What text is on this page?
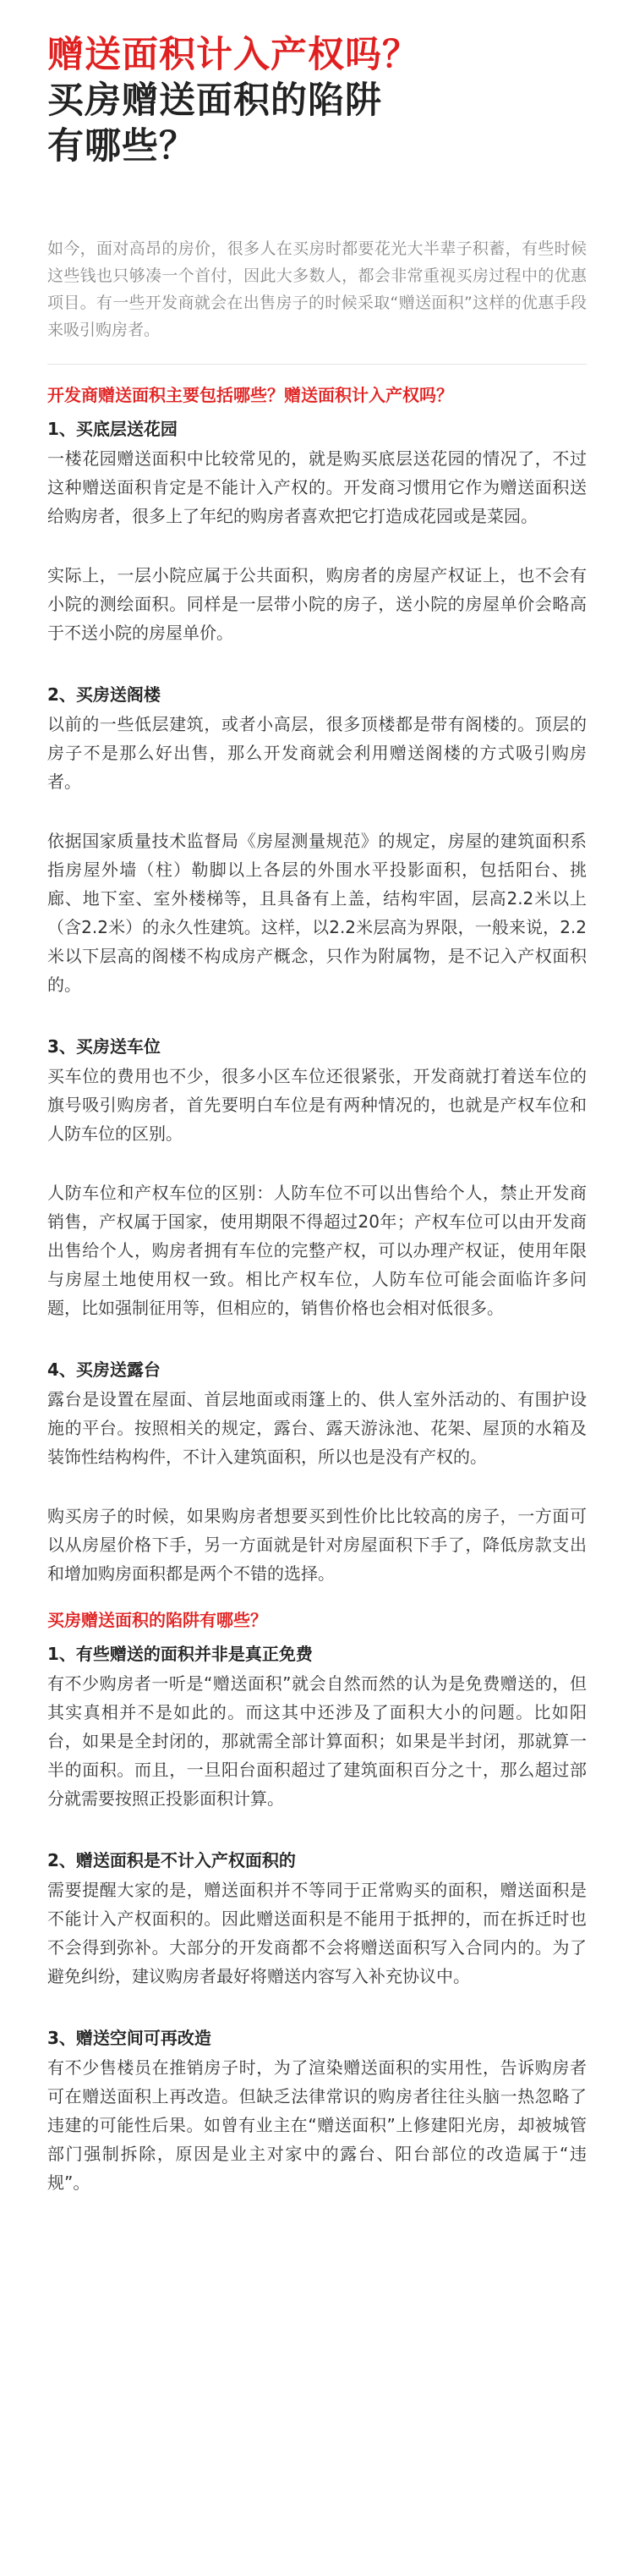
赠送面积计入产权吗？
买房赠送面积的陷阱
有哪些？
如今，面对高昂的房价，很多人在买房时都要花光大半辈子积蓄，有些时候这些钱也只够凑一个首付，因此大多数人，都会非常重视买房过程中的优惠项目。有一些开发商就会在出售房子的时候采取“赠送面积”这样的优惠手段来吸引购房者。
开发商赠送面积主要包括哪些？赠送面积计入产权吗？
1、买底层送花园
一楼花园赠送面积中比较常见的，就是购买底层送花园的情况了，不过这种赠送面积肯定是不能计入产权的。开发商习惯用它作为赠送面积送给购房者，很多上了年纪的购房者喜欢把它打造成花园或是菜园。
实际上，一层小院应属于公共面积，购房者的房屋产权证上，也不会有小院的测绘面积。同样是一层带小院的房子，送小院的房屋单价会略高于不送小院的房屋单价。
2、买房送阁楼
以前的一些低层建筑，或者小高层，很多顶楼都是带有阁楼的。顶层的房子不是那么好出售，那么开发商就会利用赠送阁楼的方式吸引购房者。
依据国家质量技术监督局《房屋测量规范》的规定，房屋的建筑面积系指房屋外墙（柱）勒脚以上各层的外围水平投影面积，包括阳台、挑廊、地下室、室外楼梯等，且具备有上盖，结构牢固，层高2.2米以上（含2.2米）的永久性建筑。这样，以2.2米层高为界限，一般来说，2.2米以下层高的阁楼不构成房产概念，只作为附属物，是不记入产权面积的。
3、买房送车位
买车位的费用也不少，很多小区车位还很紧张，开发商就打着送车位的旗号吸引购房者，首先要明白车位是有两种情况的，也就是产权车位和人防车位的区别。
人防车位和产权车位的区别：人防车位不可以出售给个人，禁止开发商销售，产权属于国家，使用期限不得超过20年；产权车位可以由开发商出售给个人，购房者拥有车位的完整产权，可以办理产权证，使用年限与房屋土地使用权一致。相比产权车位，人防车位可能会面临许多问题，比如强制征用等，但相应的，销售价格也会相对低很多。
4、买房送露台
露台是设置在屋面、首层地面或雨篷上的、供人室外活动的、有围护设施的平台。按照相关的规定，露台、露天游泳池、花架、屋顶的水箱及装饰性结构构件，不计入建筑面积，所以也是没有产权的。
购买房子的时候，如果购房者想要买到性价比比较高的房子，一方面可以从房屋价格下手，另一方面就是针对房屋面积下手了，降低房款支出和增加购房面积都是两个不错的选择。
买房赠送面积的陷阱有哪些？
1、有些赠送的面积并非是真正免费
有不少购房者一听是“赠送面积”就会自然而然的认为是免费赠送的，但其实真相并不是如此的。而这其中还涉及了面积大小的问题。比如阳台，如果是全封闭的，那就需全部计算面积；如果是半封闭，那就算一半的面积。而且，一旦阳台面积超过了建筑面积百分之十，那么超过部分就需要按照正投影面积计算。
2、赠送面积是不计入产权面积的
需要提醒大家的是，赠送面积并不等同于正常购买的面积，赠送面积是不能计入产权面积的。因此赠送面积是不能用于抵押的，而在拆迁时也不会得到弥补。大部分的开发商都不会将赠送面积写入合同内的。为了避免纠纷，建议购房者最好将赠送内容写入补充协议中。
3、赠送空间可再改造
有不少售楼员在推销房子时，为了渲染赠送面积的实用性，告诉购房者可在赠送面积上再改造。但缺乏法律常识的购房者往往头脑一热忽略了违建的可能性后果。如曾有业主在“赠送面积”上修建阳光房，却被城管部门强制拆除，原因是业主对家中的露台、阳台部位的改造属于“违规”。
